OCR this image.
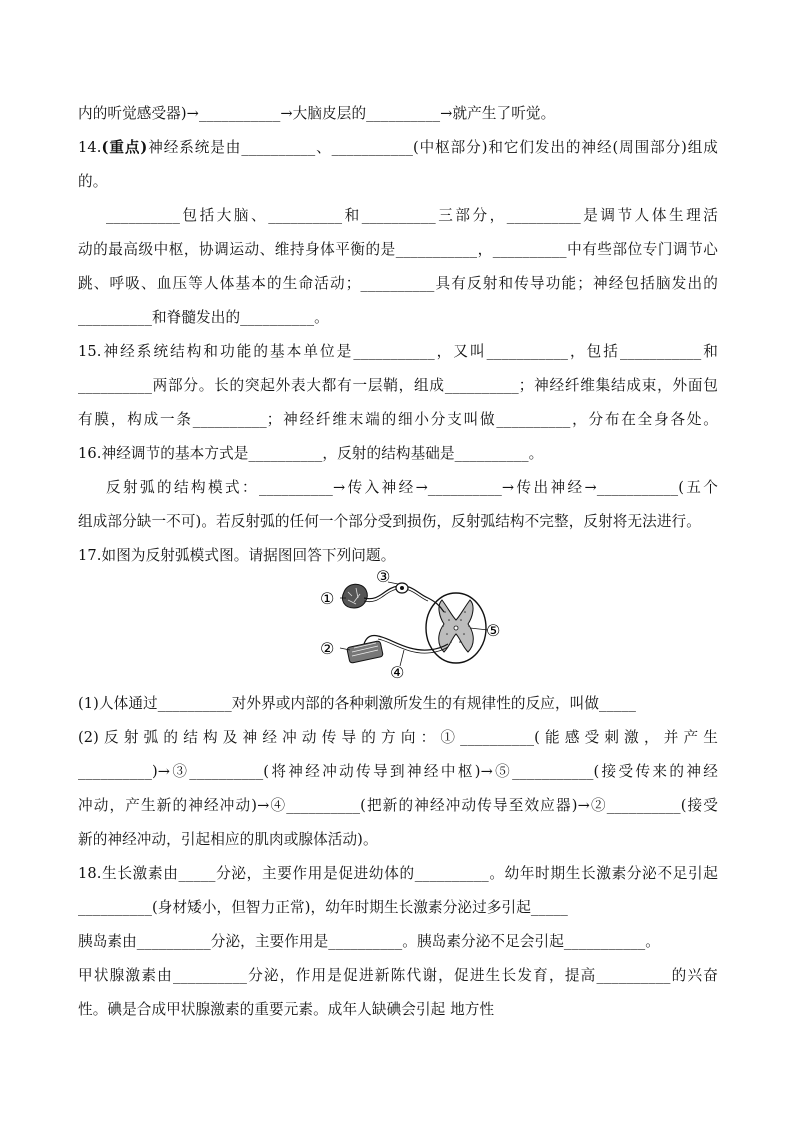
内的听觉感受器)→___________→大脑皮层的__________→就产生了听觉。
14.(重点)神经系统是由__________、___________(中枢部分)和它们发出的神经(周围部分)组成
的。
__________包括大脑、__________和__________三部分，__________是调节人体生理活
动的最高级中枢，协调运动、维持身体平衡的是___________，__________中有些部位专门调节心
跳、呼吸、血压等人体基本的生命活动；__________具有反射和传导功能；神经包括脑发出的
__________和脊髓发出的__________。
15.神经系统结构和功能的基本单位是___________，又叫___________，包括___________和
__________两部分。长的突起外表大都有一层鞘，组成__________；神经纤维集结成束，外面包
有膜，构成一条__________；神经纤维末端的细小分支叫做__________，分布在全身各处。
16.神经调节的基本方式是__________，反射的结构基础是__________。
反射弧的结构模式：__________→传入神经→__________→传出神经→___________(五个
组成部分缺一不可)。若反射弧的任何一个部分受到损伤，反射弧结构不完整，反射将无法进行。
17.如图为反射弧模式图。请据图回答下列问题。
①
②
③
④
⑤
(1)人体通过__________对外界或内部的各种刺激所发生的有规律性的反应，叫做_____
(2)反射弧的结构及神经冲动传导的方向：①__________(能感受刺激，并产生
__________)→③__________(将神经冲动传导到神经中枢)→⑤___________(接受传来的神经
冲动，产生新的神经冲动)→④__________(把新的神经冲动传导至效应器)→②__________(接受
新的神经冲动，引起相应的肌肉或腺体活动)。
18.生长激素由_____分泌，主要作用是促进幼体的__________。幼年时期生长激素分泌不足引起
__________(身材矮小，但智力正常)，幼年时期生长激素分泌过多引起_____
胰岛素由__________分泌，主要作用是__________。胰岛素分泌不足会引起___________。
甲状腺激素由__________分泌，作用是促进新陈代谢，促进生长发育，提高__________的兴奋
性。碘是合成甲状腺激素的重要元素。成年人缺碘会引起 地方性
